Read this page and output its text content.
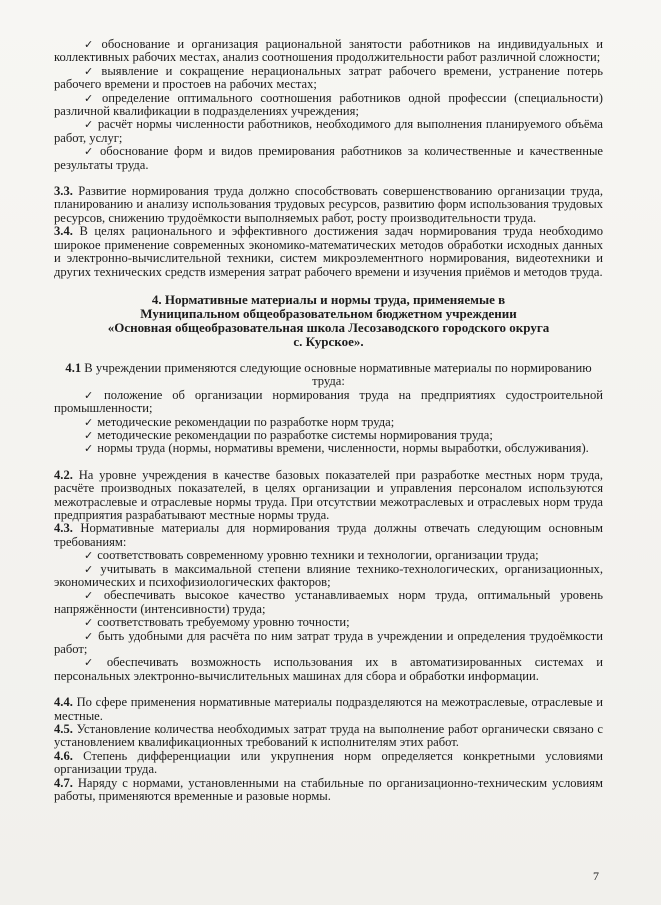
✓ обоснование и организация рациональной занятости работников на индивидуальных и коллективных рабочих местах, анализ соотношения продолжительности работ различной сложности;

✓ выявление и сокращение нерациональных затрат рабочего времени, устранение потерь рабочего времени и простоев на рабочих местах;

✓ определение оптимального соотношения работников одной профессии (специальности) различной квалификации в подразделениях учреждения;

✓ расчёт нормы численности работников, необходимого для выполнения планируемого объёма работ, услуг;

✓ обоснование форм и видов премирования работников за количественные и качественные результаты труда.

3.3. Развитие нормирования труда должно способствовать совершенствованию организации труда, планированию и анализу использования трудовых ресурсов, развитию форм использования трудовых ресурсов, снижению трудоёмкости выполняемых работ, росту производительности труда.

3.4. В целях рационального и эффективного достижения задач нормирования труда необходимо широкое применение современных экономико-математических методов обработки исходных данных и электронно-вычислительной техники, систем микроэлементного нормирования, видеотехники и других технических средств измерения затрат рабочего времени и изучения приёмов и методов труда.

4. Нормативные материалы и нормы труда, применяемые в
Муниципальном общеобразовательном бюджетном учреждении
«Основная общеобразовательная школа Лесозаводского городского округа
с. Курское».

4.1 В учреждении применяются следующие основные нормативные материалы по нормированию труда:

✓ положение об организации нормирования труда на предприятиях судостроительной промышленности;

✓ методические рекомендации по разработке норм труда;

✓ методические рекомендации по разработке системы нормирования труда;

✓ нормы труда (нормы, нормативы времени, численности, нормы выработки, обслуживания).

4.2. На уровне учреждения в качестве базовых показателей при разработке местных норм труда, расчёте производных показателей, в целях организации и управления персоналом используются межотраслевые и отраслевые нормы труда. При отсутствии межотраслевых и отраслевых норм труда предприятия разрабатывают местные нормы труда.

4.3. Нормативные материалы для нормирования труда должны отвечать следующим основным требованиям:

✓ соответствовать современному уровню техники и технологии, организации труда;

✓ учитывать в максимальной степени влияние технико-технологических, организационных, экономических и психофизиологических факторов;

✓ обеспечивать высокое качество устанавливаемых норм труда, оптимальный уровень напряжённости (интенсивности) труда;

✓ соответствовать требуемому уровню точности;

✓ быть удобными для расчёта по ним затрат труда в учреждении и определения трудоёмкости работ;

✓ обеспечивать возможность использования их в автоматизированных системах и персональных электронно-вычислительных машинах для сбора и обработки информации.

4.4. По сфере применения нормативные материалы подразделяются на межотраслевые, отраслевые и местные.

4.5. Установление количества необходимых затрат труда на выполнение работ органически связано с установлением квалификационных требований к исполнителям этих работ.

4.6. Степень дифференциации или укрупнения норм определяется конкретными условиями организации труда.

4.7. Наряду с нормами, установленными на стабильные по организационно-техническим условиям работы, применяются временные и разовые нормы.

7
